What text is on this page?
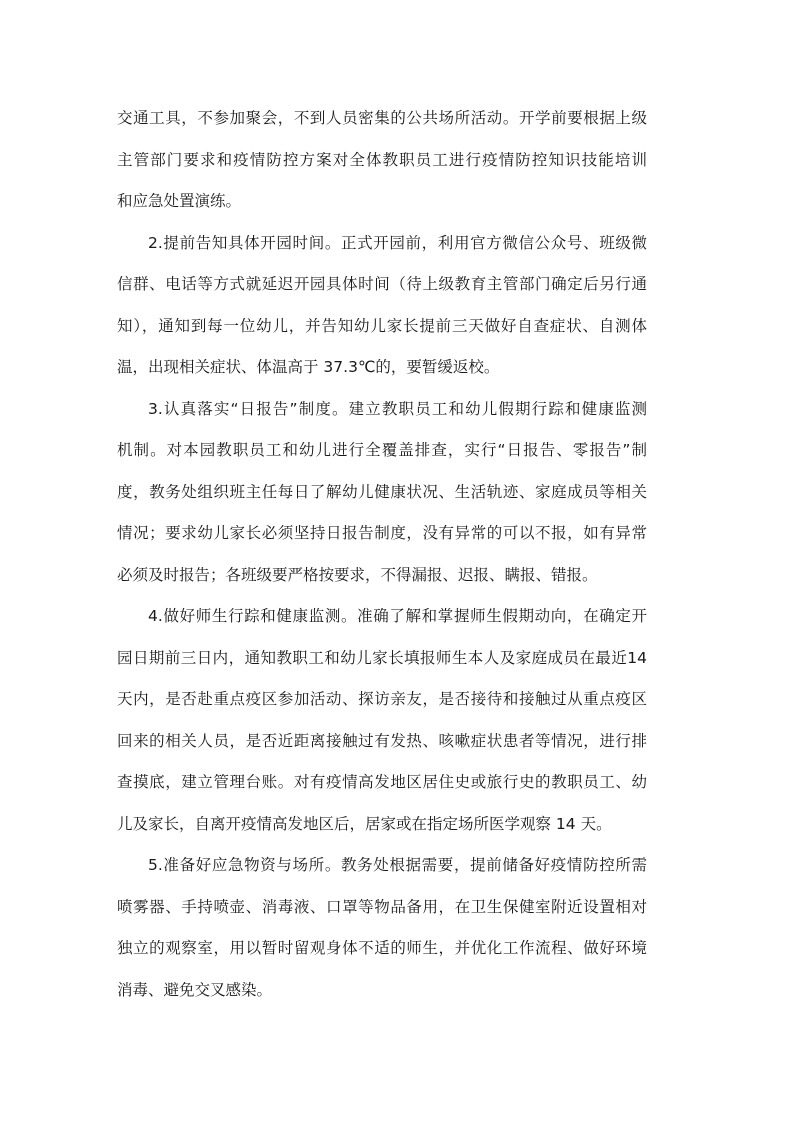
交通工具，不参加聚会，不到人员密集的公共场所活动。开学前要根据上级
主管部门要求和疫情防控方案对全体教职员工进行疫情防控知识技能培训
和应急处置演练。
2.提前告知具体开园时间。正式开园前，利用官方微信公众号、班级微
信群、电话等方式就延迟开园具体时间（待上级教育主管部门确定后另行通
知），通知到每一位幼儿，并告知幼儿家长提前三天做好自查症状、自测体
温，出现相关症状、体温高于 37.3℃的，要暂缓返校。
3.认真落实“日报告”制度。建立教职员工和幼儿假期行踪和健康监测
机制。对本园教职员工和幼儿进行全覆盖排查，实行“日报告、零报告”制
度，教务处组织班主任每日了解幼儿健康状况、生活轨迹、家庭成员等相关
情况；要求幼儿家长必须坚持日报告制度，没有异常的可以不报，如有异常
必须及时报告；各班级要严格按要求，不得漏报、迟报、瞒报、错报。
4.做好师生行踪和健康监测。准确了解和掌握师生假期动向，在确定开
园日期前三日内，通知教职工和幼儿家长填报师生本人及家庭成员在最近14
天内，是否赴重点疫区参加活动、探访亲友，是否接待和接触过从重点疫区
回来的相关人员，是否近距离接触过有发热、咳嗽症状患者等情况，进行排
查摸底，建立管理台账。对有疫情高发地区居住史或旅行史的教职员工、幼
儿及家长，自离开疫情高发地区后，居家或在指定场所医学观察 14 天。
5.准备好应急物资与场所。教务处根据需要，提前储备好疫情防控所需
喷雾器、手持喷壶、消毒液、口罩等物品备用，在卫生保健室附近设置相对
独立的观察室，用以暂时留观身体不适的师生，并优化工作流程、做好环境
消毒、避免交叉感染。
